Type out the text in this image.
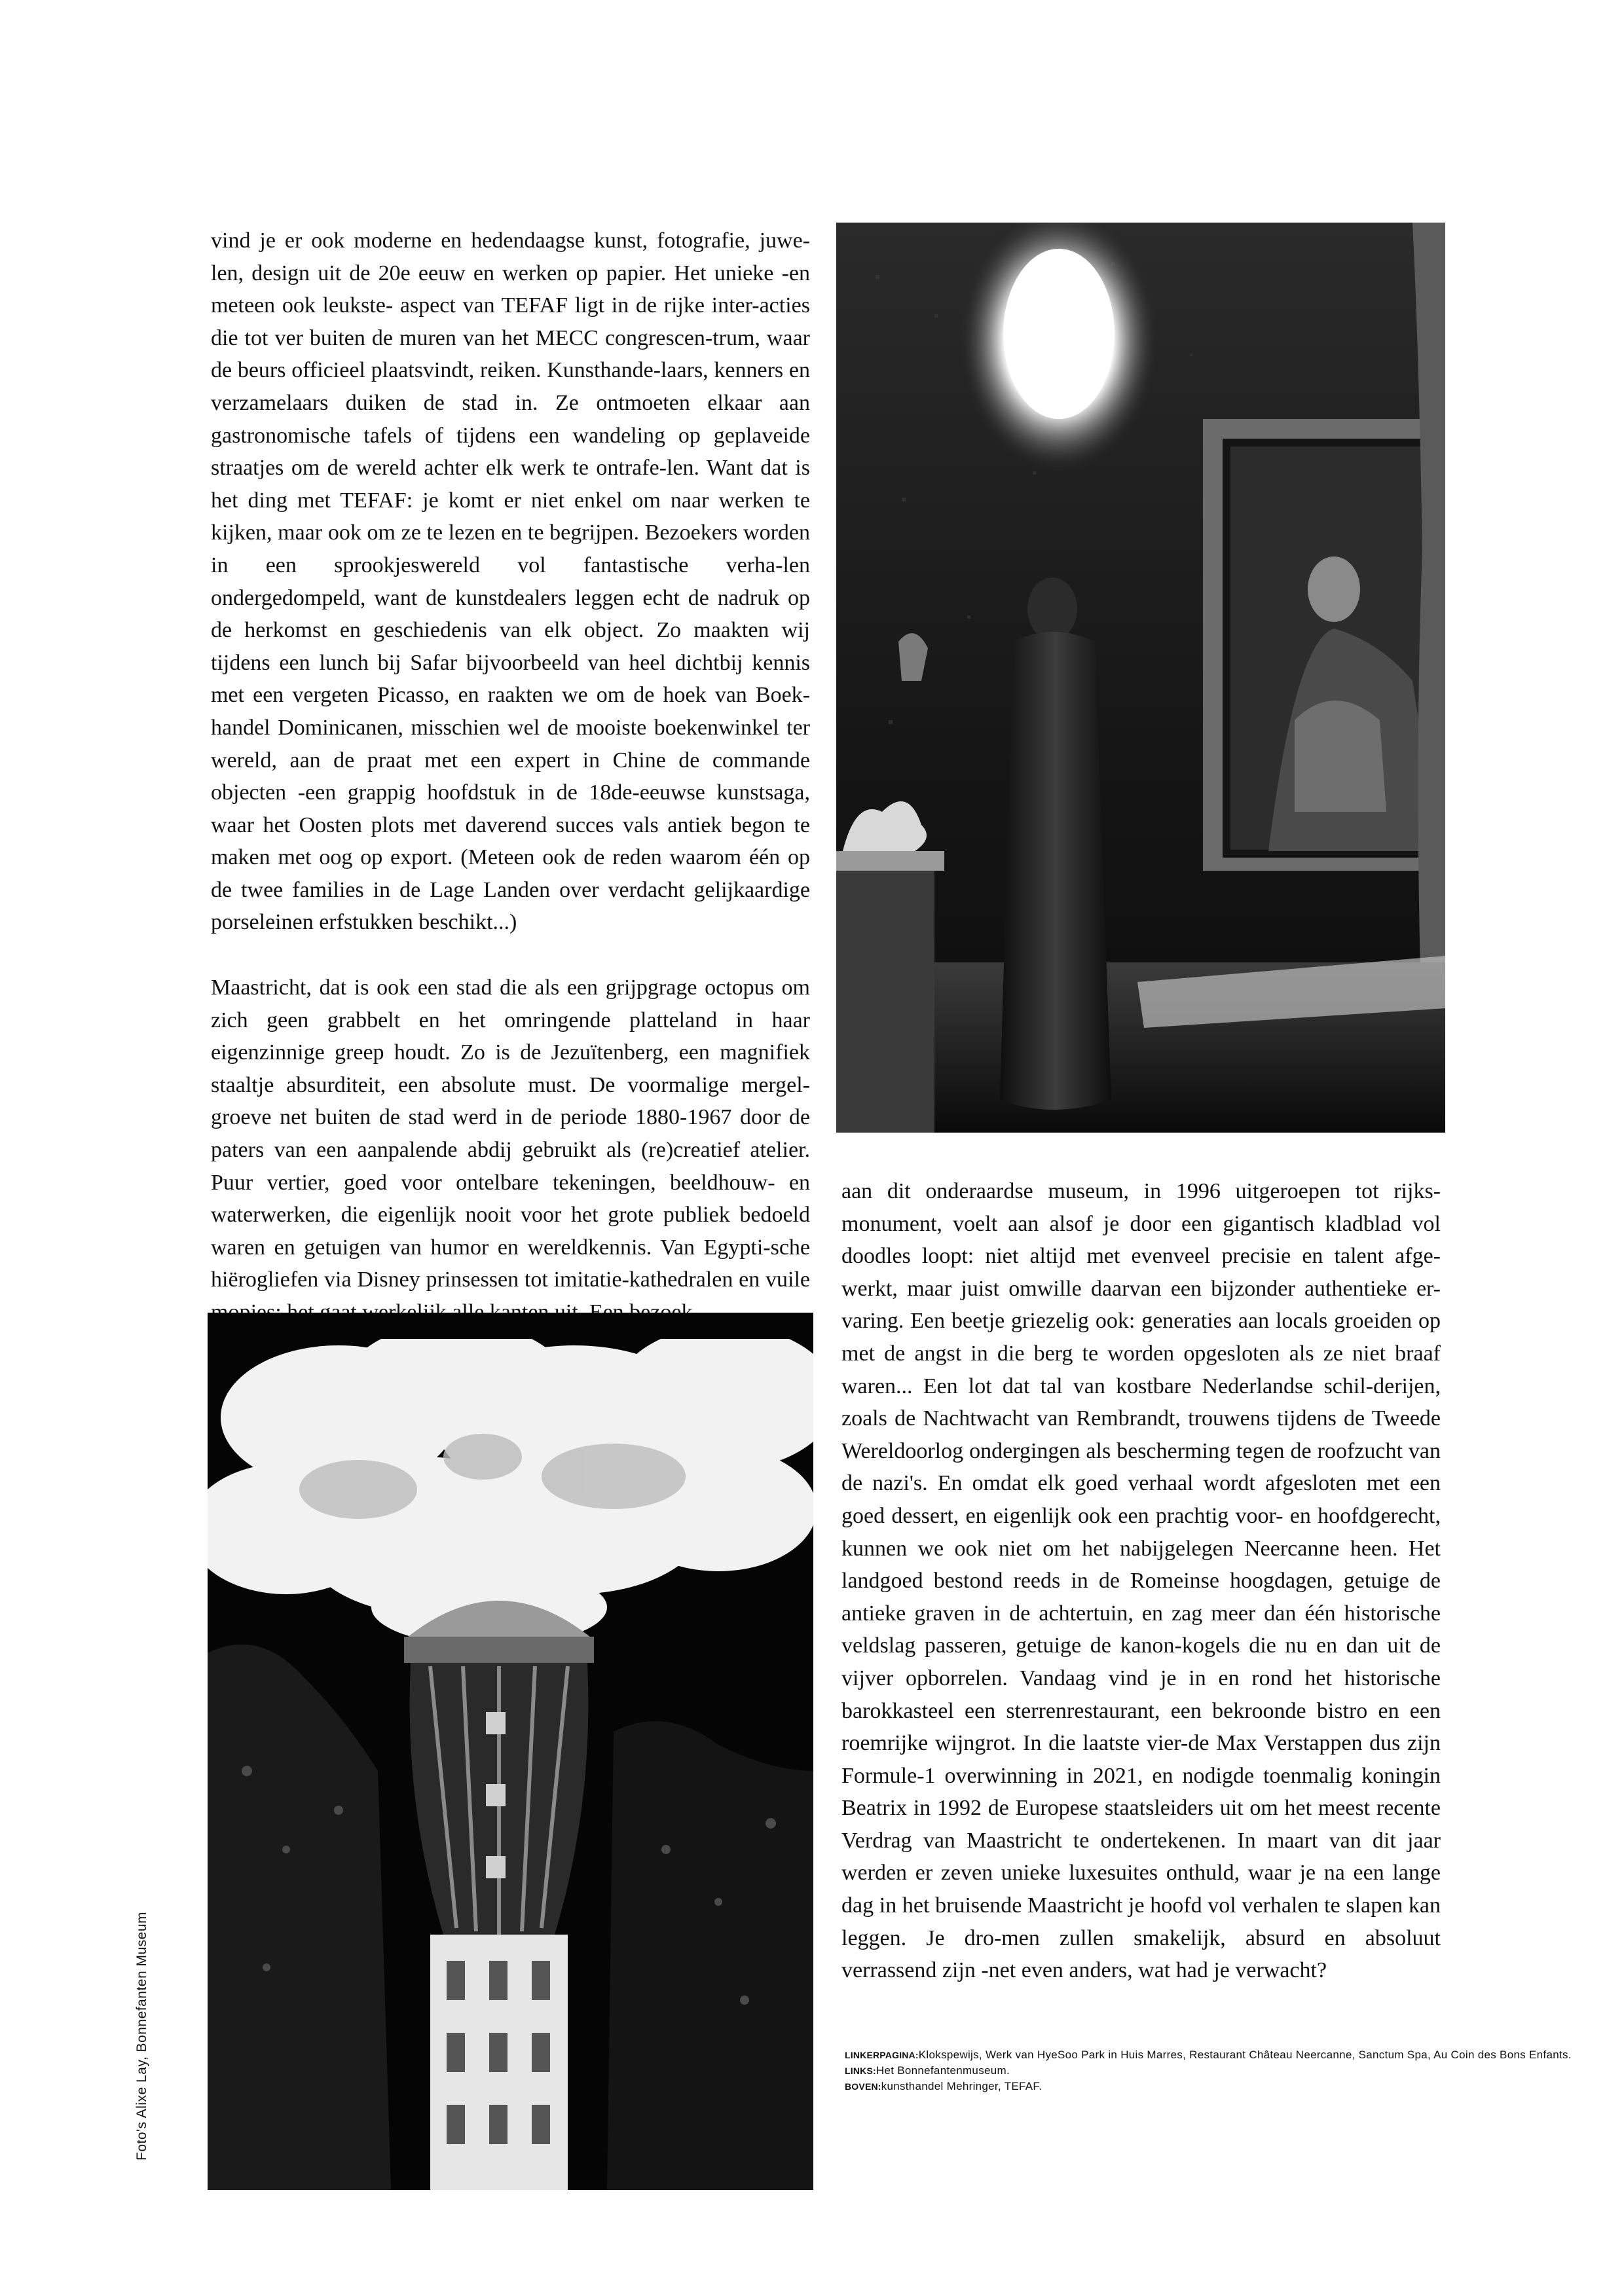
vind je er ook moderne en hedendaagse kunst, fotografie, juwe-len, design uit de 20e eeuw en werken op papier. Het unieke -en meteen ook leukste- aspect van TEFAF ligt in de rijke inter-acties die tot ver buiten de muren van het MECC congrescen-trum, waar de beurs officieel plaatsvindt, reiken. Kunsthande-laars, kenners en verzamelaars duiken de stad in. Ze ontmoeten elkaar aan gastronomische tafels of tijdens een wandeling op geplaveide straatjes om de wereld achter elk werk te ontrafe-len. Want dat is het ding met TEFAF: je komt er niet enkel om naar werken te kijken, maar ook om ze te lezen en te begrijpen. Bezoekers worden in een sprookjeswereld vol fantastische verha-len ondergedompeld, want de kunstdealers leggen echt de nadruk op de herkomst en geschiedenis van elk object. Zo maakten wij tijdens een lunch bij Safar bijvoorbeeld van heel dichtbij kennis met een vergeten Picasso, en raakten we om de hoek van Boek-handel Dominicanen, misschien wel de mooiste boekenwinkel ter wereld, aan de praat met een expert in Chine de commande objecten -een grappig hoofdstuk in de 18de-eeuwse kunstsaga, waar het Oosten plots met daverend succes vals antiek begon te maken met oog op export. (Meteen ook de reden waarom één op de twee families in de Lage Landen over verdacht gelijkaardige porseleinen erfstukken beschikt...)

Maastricht, dat is ook een stad die als een grijpgrage octopus om zich geen grabbelt en het omringende platteland in haar eigenzinnige greep houdt. Zo is de Jezuïtenberg, een magnifiek staaltje absurditeit, een absolute must. De voormalige mergel-groeve net buiten de stad werd in de periode 1880-1967 door de paters van een aanpalende abdij gebruikt als (re)creatief atelier. Puur vertier, goed voor ontelbare tekeningen, beeldhouw- en waterwerken, die eigenlijk nooit voor het grote publiek bedoeld waren en getuigen van humor en wereldkennis. Van Egypti-sche hiërogliefen via Disney prinsessen tot imitatie-kathedralen en vuile

aan dit onderaardse museum, in 1996 uitgeroepen tot rijks-monument, voelt aan alsof je door een gigantisch kladblad vol doodles loopt: niet altijd met evenveel precisie en talent afge-werkt, maar juist omwille daarvan een bijzonder authentieke er-varing. Een beetje griezelig ook: generaties aan locals groeiden op met de angst in die berg te worden opgesloten als ze niet braaf waren... Een lot dat tal van kostbare Nederlandse schil-derijen, zoals de Nachtwacht van Rembrandt, trouwens tijdens de Tweede Wereldoorlog ondergingen als bescherming tegen de roofzucht van de nazi's. En omdat elk goed verhaal wordt afgesloten met een goed dessert, en eigenlijk ook een prachtig voor- en hoofdgerecht, kunnen we ook niet om het nabijgelegen Neercanne heen. Het landgoed bestond reeds in de Romeinse hoogdagen, getuige de antieke graven in de achtertuin, en zag meer dan één historische veldslag passeren, getuige de kanon-kogels die nu en dan uit de vijver opborrelen. Vandaag vind je in en rond het historische barokkasteel een sterrenrestaurant, een bekroonde bistro en een roemrijke wijngrot. In die laatste vier-de Max Verstappen dus zijn Formule-1 overwinning in 2021, en nodigde toenmalig koningin Beatrix in 1992 de Europese staatsleiders uit om het meest recente Verdrag van Maastricht te ondertekenen. In maart van dit jaar werden er zeven unieke luxesuites onthuld, waar je na een lange dag in het bruisende Maastricht je hoofd vol verhalen te slapen kan leggen. Je dro-men zullen smakelijk, absurd en absoluut verrassend zijn -net even anders, wat had je verwacht?

Foto's Alixe Lay, Bonnefanten Museum	LINKERPAGINA:Klokspewijs, Werk van HyeSoo Park in Huis Marres, Restaurant Château Neercanne, Sanctum Spa, Au Coin des Bons Enfants.
LINKS:Het Bonnefantenmuseum.
BOVEN:kunsthandel Mehringer, TEFAF.
